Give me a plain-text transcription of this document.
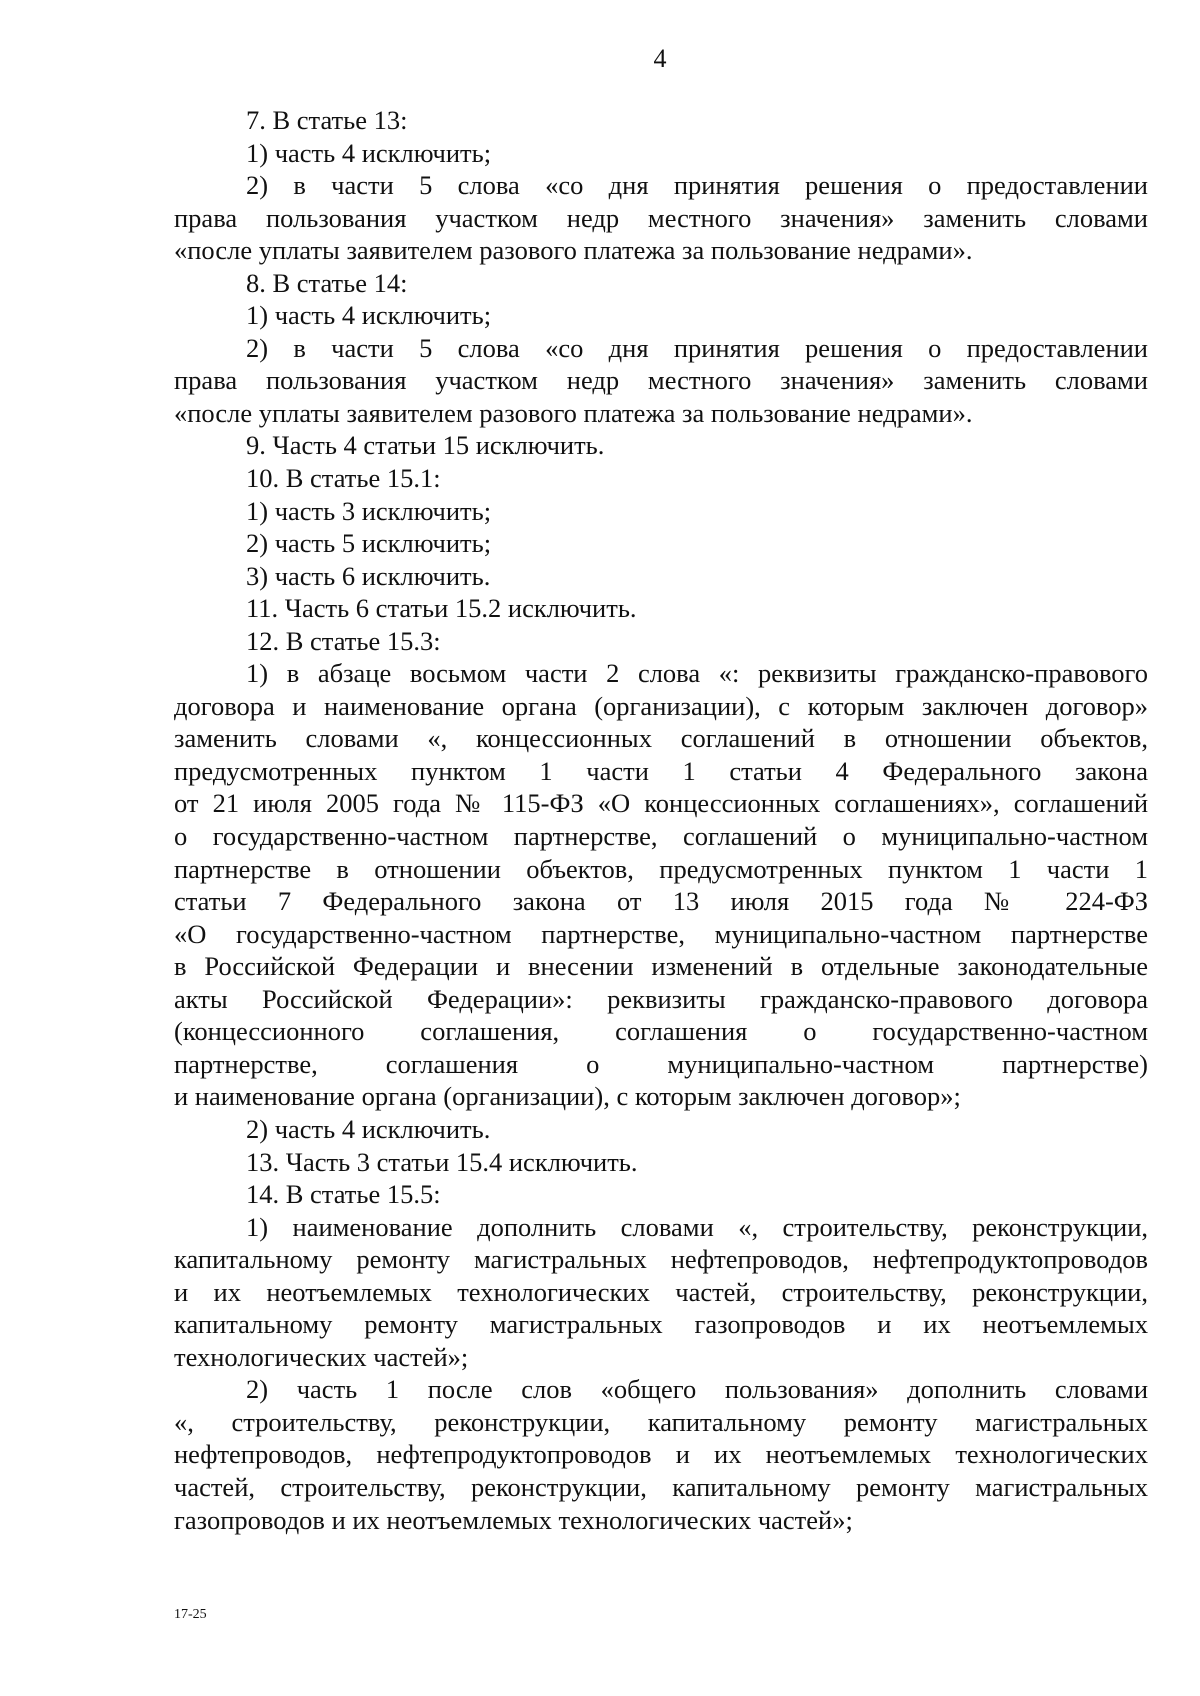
4

7. В статье 13:

1) часть 4 исключить;

2) в части 5 слова «со дня принятия решения о предоставлении
права пользования участком недр местного значения» заменить словами
«после уплаты заявителем разового платежа за пользование недрами».

8. В статье 14:

1) часть 4 исключить;

2) в части 5 слова «со дня принятия решения о предоставлении
права пользования участком недр местного значения» заменить словами
«после уплаты заявителем разового платежа за пользование недрами».

9. Часть 4 статьи 15 исключить.

10. В статье 15.1:

1) часть 3 исключить;

2) часть 5 исключить;

3) часть 6 исключить.

11. Часть 6 статьи 15.2 исключить.

12. В статье 15.3:

1) в абзаце восьмом части 2 слова «: реквизиты гражданско-правового
договора и наименование органа (организации), с которым заключен договор»
заменить словами «, концессионных соглашений в отношении объектов,
предусмотренных пунктом 1 части 1 статьи 4 Федерального закона
от 21 июля 2005 года № 115-ФЗ «О концессионных соглашениях», соглашений
о государственно-частном партнерстве, соглашений о муниципально-частном
партнерстве в отношении объектов, предусмотренных пунктом 1 части 1
статьи 7 Федерального закона от 13 июля 2015 года № 224-ФЗ
«О государственно-частном партнерстве, муниципально-частном партнерстве
в Российской Федерации и внесении изменений в отдельные законодательные
акты Российской Федерации»: реквизиты гражданско-правового договора
(концессионного соглашения, соглашения о государственно-частном
партнерстве, соглашения о муниципально-частном партнерстве)
и наименование органа (организации), с которым заключен договор»;

2) часть 4 исключить.

13. Часть 3 статьи 15.4 исключить.

14. В статье 15.5:

1) наименование дополнить словами «, строительству, реконструкции,
капитальному ремонту магистральных нефтепроводов, нефтепродуктопроводов
и их неотъемлемых технологических частей, строительству, реконструкции,
капитальному ремонту магистральных газопроводов и их неотъемлемых
технологических частей»;
2) часть 1 после слов «общего пользования» дополнить словами
«, строительству, реконструкции, капитальному ремонту магистральных
нефтепроводов, нефтепродуктопроводов и их неотъемлемых технологических
частей, строительству, реконструкции, капитальному ремонту магистральных
газопроводов и их неотъемлемых технологических частей»;
17-25
